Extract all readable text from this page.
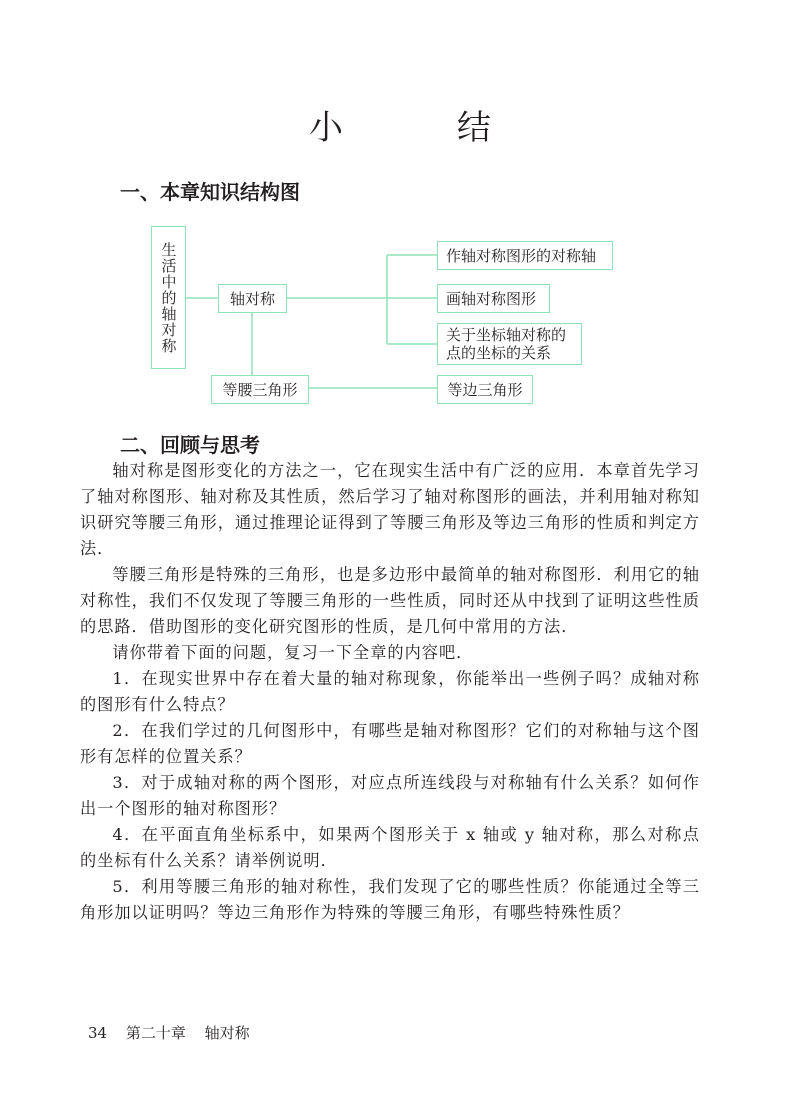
小　结
一、本章知识结构图
生活中的轴对称	轴对称
作轴对称图形的对称轴
画轴对称图形
关于坐标轴对称的
点的坐标的关系
等腰三角形	等边三角形
二、回顾与思考

轴对称是图形变化的方法之一，它在现实生活中有广泛的应用．本章首先学习了轴对称图形、轴对称及其性质，然后学习了轴对称图形的画法，并利用轴对称知识研究等腰三角形，通过推理论证得到了等腰三角形及等边三角形的性质和判定方法．

等腰三角形是特殊的三角形，也是多边形中最简单的轴对称图形．利用它的轴对称性，我们不仅发现了等腰三角形的一些性质，同时还从中找到了证明这些性质的思路．借助图形的变化研究图形的性质，是几何中常用的方法．

请你带着下面的问题，复习一下全章的内容吧．

1．在现实世界中存在着大量的轴对称现象，你能举出一些例子吗？成轴对称的图形有什么特点？

2．在我们学过的几何图形中，有哪些是轴对称图形？它们的对称轴与这个图形有怎样的位置关系？

3．对于成轴对称的两个图形，对应点所连线段与对称轴有什么关系？如何作出一个图形的轴对称图形？

4．在平面直角坐标系中，如果两个图形关于 x 轴或 y 轴对称，那么对称点的坐标有什么关系？请举例说明．

5．利用等腰三角形的轴对称性，我们发现了它的哪些性质？你能通过全等三角形加以证明吗？等边三角形作为特殊的等腰三角形，有哪些特殊性质？

34 第二十章 轴对称
